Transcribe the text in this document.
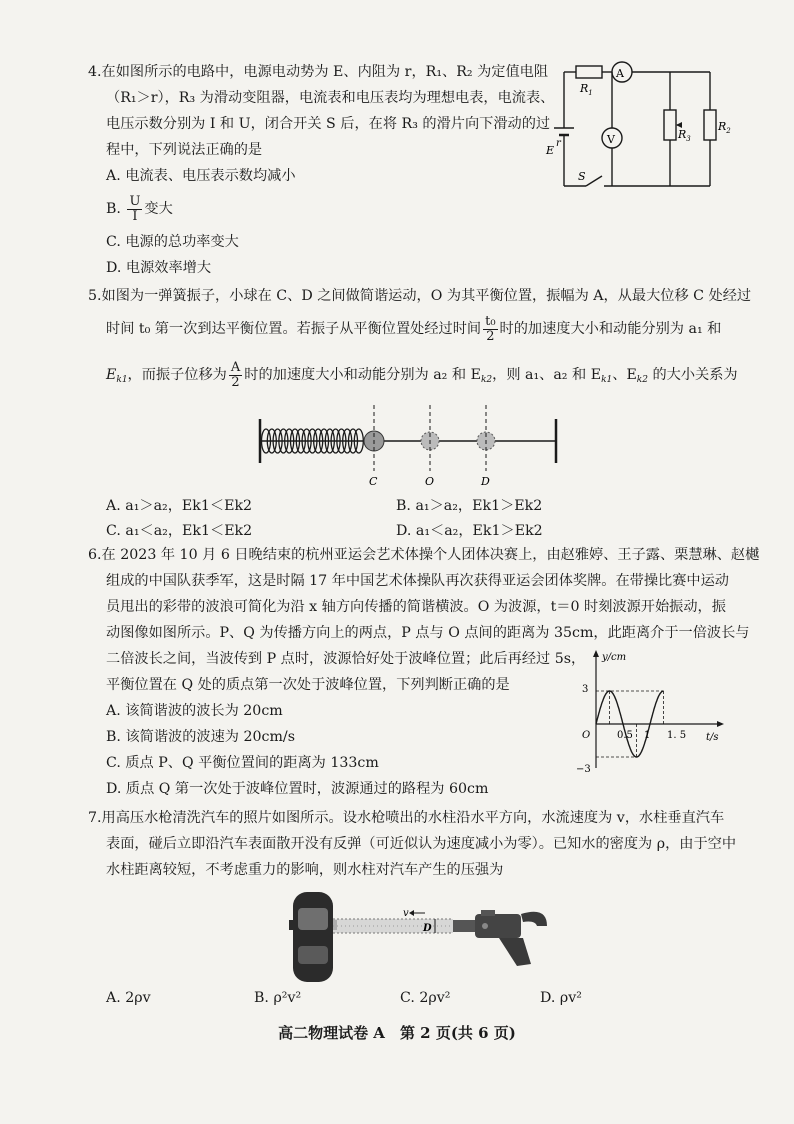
4.在如图所示的电路中，电源电动势为 E、内阻为 r，R₁、R₂ 为定值电阻
（R₁＞r），R₃ 为滑动变阻器，电流表和电压表均为理想电表，电流表、
电压示数分别为 I 和 U，闭合开关 S 后，在将 R₃ 的滑片向下滑动的过
程中，下列说法正确的是
A. 电流表、电压表示数均减小
B. $\frac{U}{I}$ 变大
C. 电源的总功率变大
D. 电源效率增大
A
V
$R_1$
$R_2$
$R_3$
E
r
S
5.如图为一弹簧振子，小球在 C、D 之间做简谐运动，O 为其平衡位置，振幅为 A，从最大位移 C 处经过
时间 t₀ 第一次到达平衡位置。若振子从平衡位置处经过时间 $\frac{\text{t₀}}{2}$ 时的加速度大小和动能分别为 a₁ 和
$E_{k1}$，而振子位移为 $\frac{A}{2}$ 时的加速度大小和动能分别为 a₂ 和 $E_{k2}$，则 a₁、a₂ 和 $E_{k1}$、$E_{k2}$ 的大小关系为
C	O	D
A. a₁＞a₂，Ek1＜Ek2	B. a₁＞a₂，Ek1＞Ek2
C. a₁＜a₂，Ek1＜Ek2	D. a₁＜a₂，Ek1＞Ek2
6.在 2023 年 10 月 6 日晚结束的杭州亚运会艺术体操个人团体决赛上，由赵雅婷、王子露、栗慧琳、赵樾
组成的中国队获季军，这是时隔 17 年中国艺术体操队再次获得亚运会团体奖牌。在带操比赛中运动
员甩出的彩带的波浪可简化为沿 x 轴方向传播的简谐横波。O 为波源，t＝0 时刻波源开始振动，振
动图像如图所示。P、Q 为传播方向上的两点，P 点与 O 点间的距离为 35cm，此距离介于一倍波长与
二倍波长之间，当波传到 P 点时，波源恰好处于波峰位置；此后再经过 5s，
平衡位置在 Q 处的质点第一次处于波峰位置，下列判断正确的是
A. 该简谐波的波长为 20cm
B. 该简谐波的波速为 20cm/s
C. 质点 P、Q 平衡位置间的距离为 133cm
D. 质点 Q 第一次处于波峰位置时，波源通过的路程为 60cm
y/cm
t/s
3
−3
O	0.5 1 1. 5
7.用高压水枪清洗汽车的照片如图所示。设水枪喷出的水柱沿水平方向，水流速度为 v，水柱垂直汽车
表面，碰后立即沿汽车表面散开没有反弹（可近似认为速度减小为零）。已知水的密度为 ρ，由于空中
水柱距离较短，不考虑重力的影响，则水柱对汽车产生的压强为
v
D
A. 2ρv	B. ρ²v²	C. 2ρv²	D. ρv²
高二物理试卷 A　第 2 页(共 6 页)
